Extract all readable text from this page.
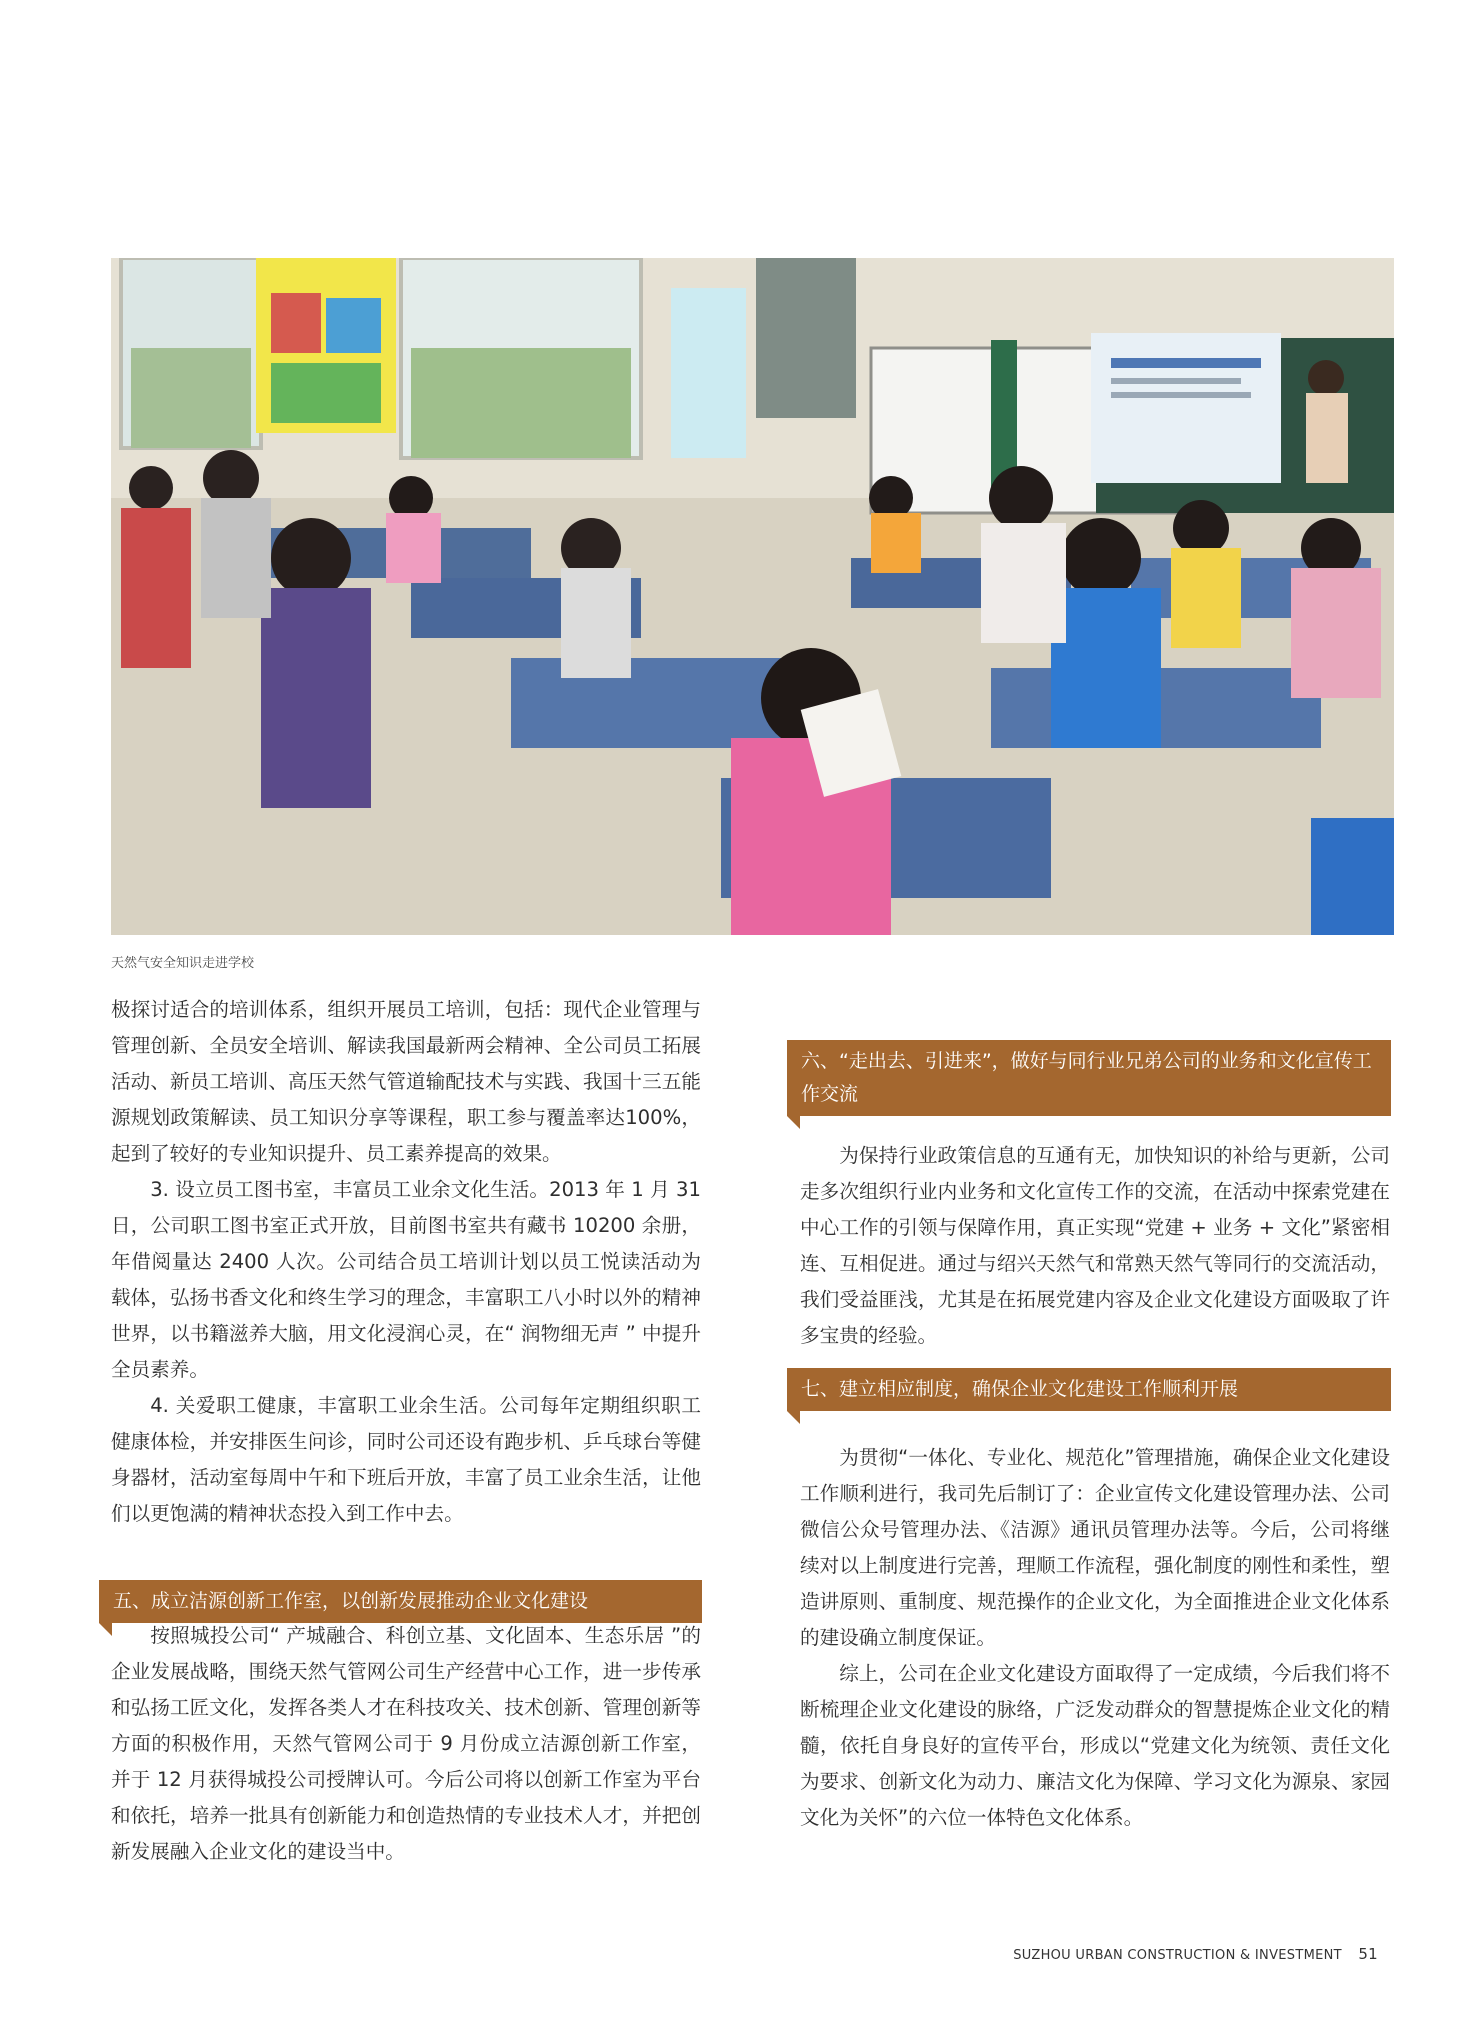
天然气安全知识走进学校

极探讨适合的培训体系，组织开展员工培训，包括：现代企业管理与管理创新、全员安全培训、解读我国最新两会精神、全公司员工拓展活动、新员工培训、高压天然气管道输配技术与实践、我国十三五能源规划政策解读、员工知识分享等课程，职工参与覆盖率达100%，起到了较好的专业知识提升、员工素养提高的效果。

3. 设立员工图书室，丰富员工业余文化生活。2013 年 1 月 31 日，公司职工图书室正式开放，目前图书室共有藏书 10200 余册，年借阅量达 2400 人次。公司结合员工培训计划以员工悦读活动为载体，弘扬书香文化和终生学习的理念，丰富职工八小时以外的精神世界，以书籍滋养大脑，用文化浸润心灵，在“ 润物细无声 ” 中提升全员素养。

4. 关爱职工健康，丰富职工业余生活。公司每年定期组织职工健康体检，并安排医生问诊，同时公司还设有跑步机、乒乓球台等健身器材，活动室每周中午和下班后开放，丰富了员工业余生活，让他们以更饱满的精神状态投入到工作中去。

五、成立洁源创新工作室，以创新发展推动企业文化建设

按照城投公司“ 产城融合、科创立基、文化固本、生态乐居 ”的企业发展战略，围绕天然气管网公司生产经营中心工作，进一步传承和弘扬工匠文化，发挥各类人才在科技攻关、技术创新、管理创新等方面的积极作用，天然气管网公司于 9 月份成立洁源创新工作室，并于 12 月获得城投公司授牌认可。今后公司将以创新工作室为平台和依托，培养一批具有创新能力和创造热情的专业技术人才，并把创新发展融入企业文化的建设当中。

六、“走出去、引进来”，做好与同行业兄弟公司的业务和文化宣传工作交流

为保持行业政策信息的互通有无，加快知识的补给与更新，公司走多次组织行业内业务和文化宣传工作的交流，在活动中探索党建在中心工作的引领与保障作用，真正实现“党建 + 业务 + 文化”紧密相连、互相促进。通过与绍兴天然气和常熟天然气等同行的交流活动，我们受益匪浅，尤其是在拓展党建内容及企业文化建设方面吸取了许多宝贵的经验。

七、建立相应制度，确保企业文化建设工作顺利开展

为贯彻“一体化、专业化、规范化”管理措施，确保企业文化建设工作顺利进行，我司先后制订了：企业宣传文化建设管理办法、公司微信公众号管理办法、《洁源》通讯员管理办法等。今后，公司将继续对以上制度进行完善，理顺工作流程，强化制度的刚性和柔性，塑造讲原则、重制度、规范操作的企业文化，为全面推进企业文化体系的建设确立制度保证。

综上，公司在企业文化建设方面取得了一定成绩，今后我们将不断梳理企业文化建设的脉络，广泛发动群众的智慧提炼企业文化的精髓，依托自身良好的宣传平台，形成以“党建文化为统领、责任文化为要求、创新文化为动力、廉洁文化为保障、学习文化为源泉、家园文化为关怀”的六位一体特色文化体系。

SUZHOU URBAN CONSTRUCTION & INVESTMENT 51
